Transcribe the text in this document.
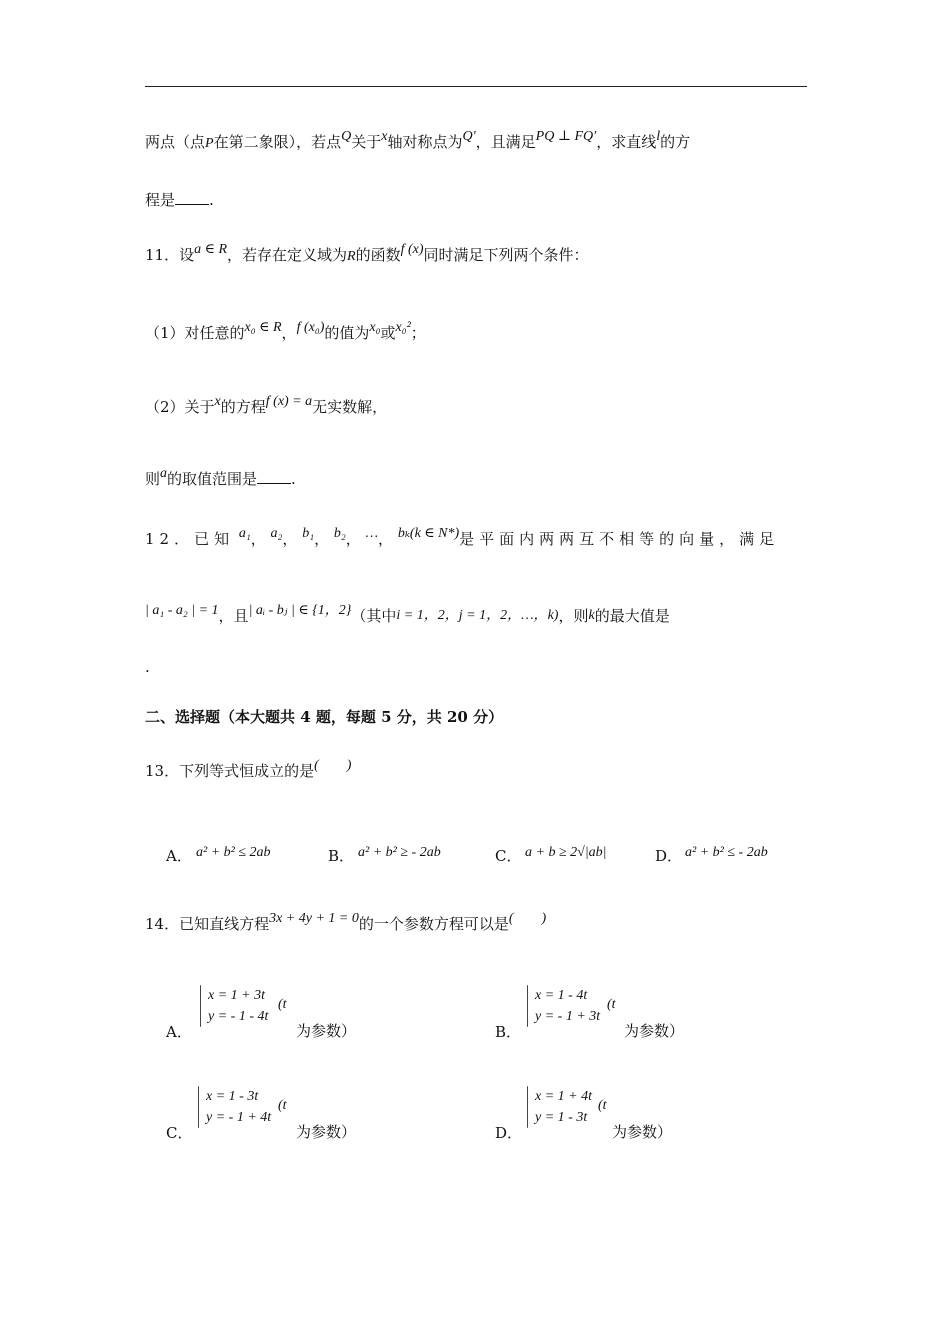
两点（点P在第二象限），若点Q关于x轴对称点为Q′，且满足PQ ⊥ FQ′，求直线l的方
程是 .
11．设a ∈ R，若存在定义域为R的函数f (x)同时满足下列两个条件：
（1）对任意的x₀ ∈ R，f (x₀)的值为x₀或x₀²；
（2）关于x的方程f (x) = a无实数解，
则a的取值范围是 .
12．已知 a₁， a₂， b₁， b₂， …， bₖ(k ∈ N*)是平面内两两互不相等的向量，满足
| a₁ - a₂ | = 1，且| aᵢ - bⱼ | ∈ {1，2}（其中i = 1，2，j = 1，2，…，k)，则k的最大值是
.
二、选择题（本大题共 4 题，每题 5 分，共 20 分）
13．下列等式恒成立的是(　　)
A． a² + b² ≤ 2ab	B． a² + b² ≥ - 2ab	C． a + b ≥ 2√|ab|	D． a² + b² ≤ - 2ab
14．已知直线方程3x + 4y + 1 = 0的一个参数方程可以是(　　)
A．
x = 1 + 3t
y = - 1 - 4t
(t
为参数）	B．
x = 1 - 4t
y = - 1 + 3t
(t
为参数）
C．
x = 1 - 3t
y = - 1 + 4t
(t
为参数）	D．
x = 1 + 4t
y = 1 - 3t
(t
为参数）
